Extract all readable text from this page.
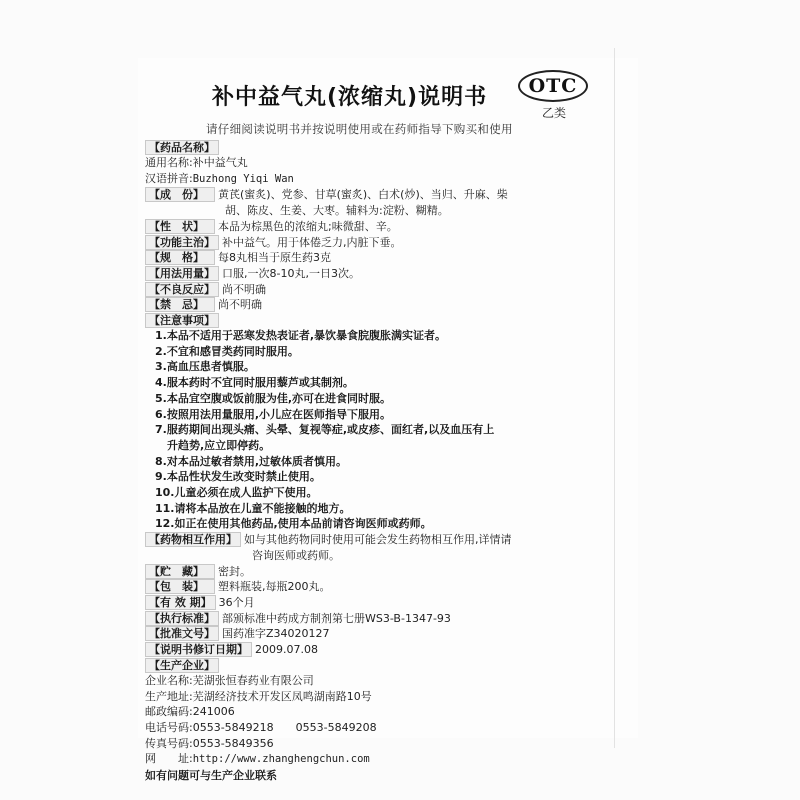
补中益气丸(浓缩丸)说明书	OTC
乙类
请仔细阅读说明书并按说明使用或在药师指导下购买和使用
【药品名称】
通用名称: 补中益气丸
汉语拼音: Buzhong Yiqi Wan
【成　份】	黄芪(蜜炙)、党参、甘草(蜜炙)、白术(炒)、当归、升麻、柴
胡、陈皮、生姜、大枣。辅料为:淀粉、糊精。
【性　状】	本品为棕黑色的浓缩丸;味微甜、辛。
【功能主治】 补中益气。用于体倦乏力,内脏下垂。
【规　格】	每8丸相当于原生药3克
【用法用量】 口服,一次8-10丸,一日3次。
【不良反应】 尚不明确
【禁　忌】	尚不明确
【注意事项】
1.本品不适用于恶寒发热表证者,暴饮暴食脘腹胀满实证者。
2.不宜和感冒类药同时服用。
3.高血压患者慎服。
4.服本药时不宜同时服用藜芦或其制剂。
5.本品宜空腹或饭前服为佳,亦可在进食同时服。
6.按照用法用量服用,小儿应在医师指导下服用。
7.服药期间出现头痛、头晕、复视等症,或皮疹、面红者,以及血压有上
升趋势,应立即停药。
8.对本品过敏者禁用,过敏体质者慎用。
9.本品性状发生改变时禁止使用。
10.儿童必须在成人监护下使用。
11.请将本品放在儿童不能接触的地方。
12.如正在使用其他药品,使用本品前请咨询医师或药师。
【药物相互作用】 如与其他药物同时使用可能会发生药物相互作用,详情请
咨询医师或药师。
【贮　藏】	密封。
【包　装】	塑料瓶装,每瓶200丸。
【有 效 期】 36个月
【执行标准】 部颁标准中药成方制剂第七册WS3-B-1347-93
【批准文号】 国药准字Z34020127
【说明书修订日期】 2009.07.08
【生产企业】
企业名称: 芜湖张恒春药业有限公司
生产地址: 芜湖经济技术开发区凤鸣湖南路10号
邮政编码: 241006
电话号码: 0553-5849218　　0553-5849208
传真号码: 0553-5849356
网　　址: http://www.zhanghengchun.com
如有问题可与生产企业联系
